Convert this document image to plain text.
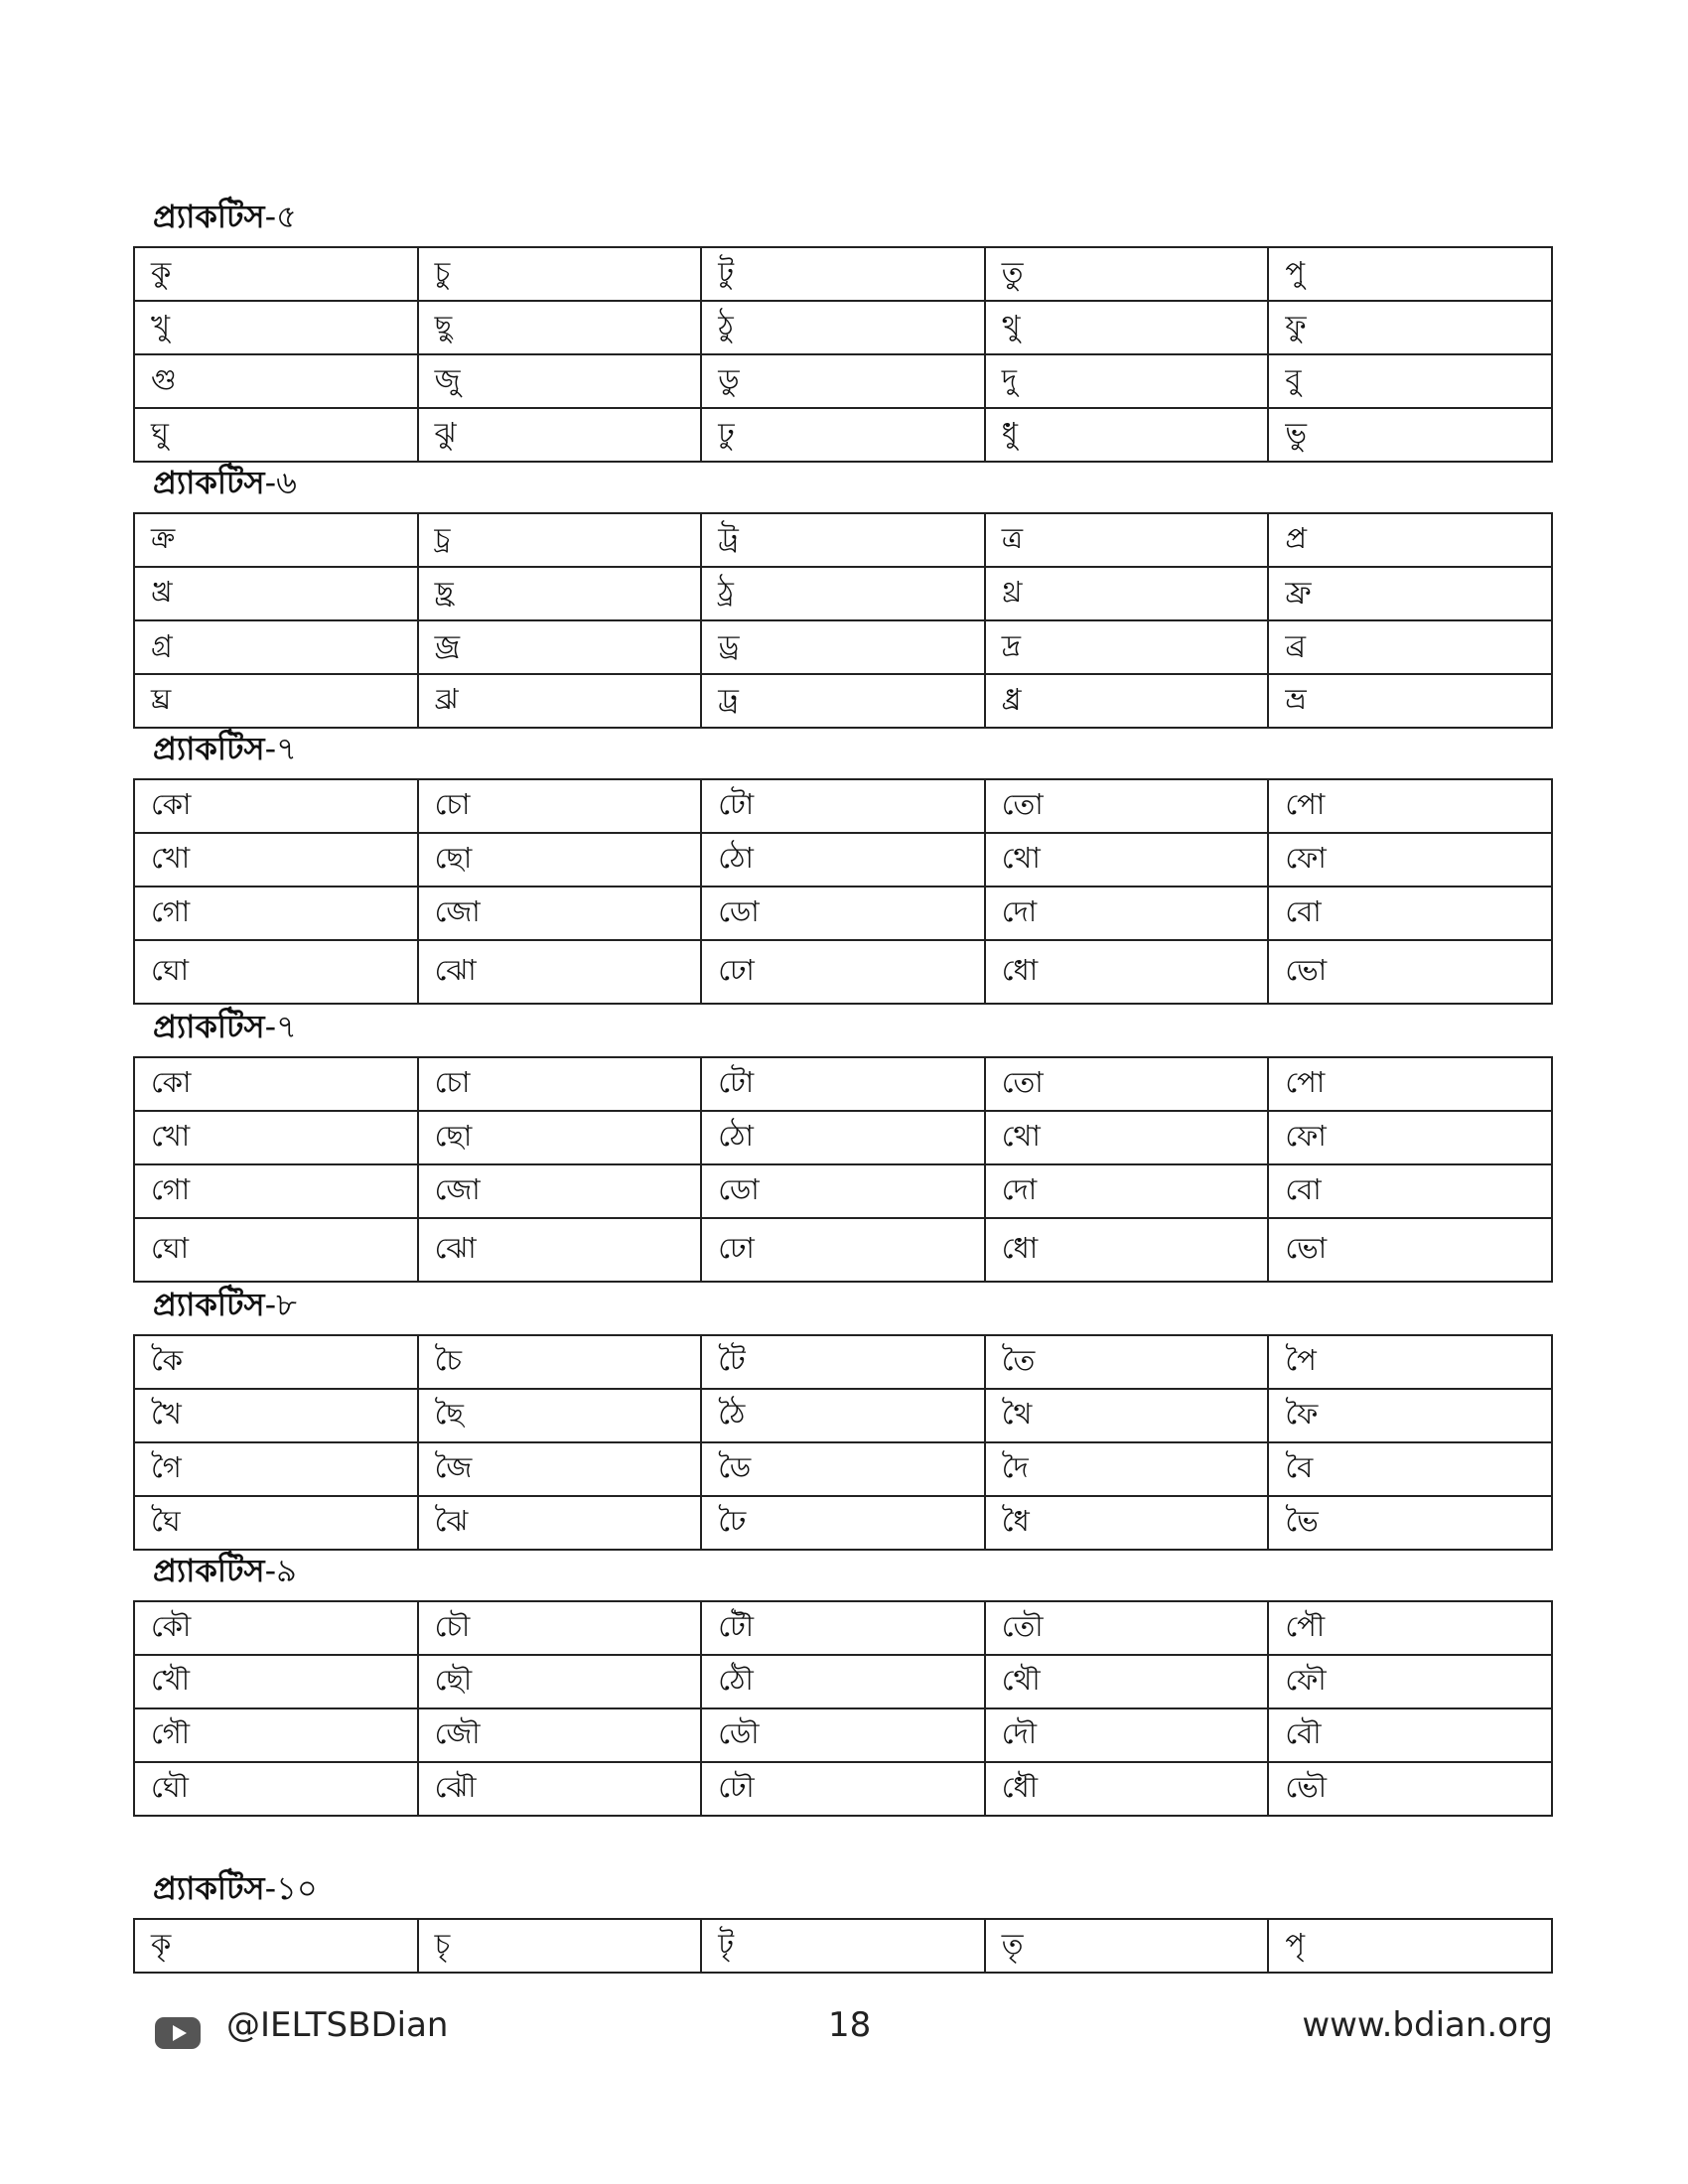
প্র্যাকটিস-৫
কু	চু	টু	তু	পু
খু	ছু	ঠু	থু	ফু
গু	জু	ডু	দু	বু
ঘু	ঝু	ঢু	ধু	ভু
প্র্যাকটিস-৬
ক্র	চ্র	ট্র	ত্র	প্র
খ্র	ছ্র	ঠ্র	থ্র	ফ্র
গ্র	জ্র	ড্র	দ্র	ব্র
ঘ্র	ঝ্র	ঢ্র	ধ্র	ভ্র
প্র্যাকটিস-৭
কো	চো	টো	তো	পো
খো	ছো	ঠো	থো	ফো
গো	জো	ডো	দো	বো
ঘো	ঝো	ঢো	ধো	ভো
প্র্যাকটিস-৭
কো	চো	টো	তো	পো
খো	ছো	ঠো	থো	ফো
গো	জো	ডো	দো	বো
ঘো	ঝো	ঢো	ধো	ভো
প্র্যাকটিস-৮
কৈ	চৈ	টৈ	তৈ	পৈ
খৈ	ছৈ	ঠৈ	থৈ	ফৈ
গৈ	জৈ	ডৈ	দৈ	বৈ
ঘৈ	ঝৈ	ঢৈ	ধৈ	ভৈ
প্র্যাকটিস-৯
কৌ	চৌ	টৌ	তৌ	পৌ
খৌ	ছৌ	ঠৌ	থৌ	ফৌ
গৌ	জৌ	ডৌ	দৌ	বৌ
ঘৌ	ঝৌ	ঢৌ	ধৌ	ভৌ
প্র্যাকটিস-১০
কৃ	চৃ	টৃ	তৃ	পৃ
@IELTSBDian	18	www.bdian.org
